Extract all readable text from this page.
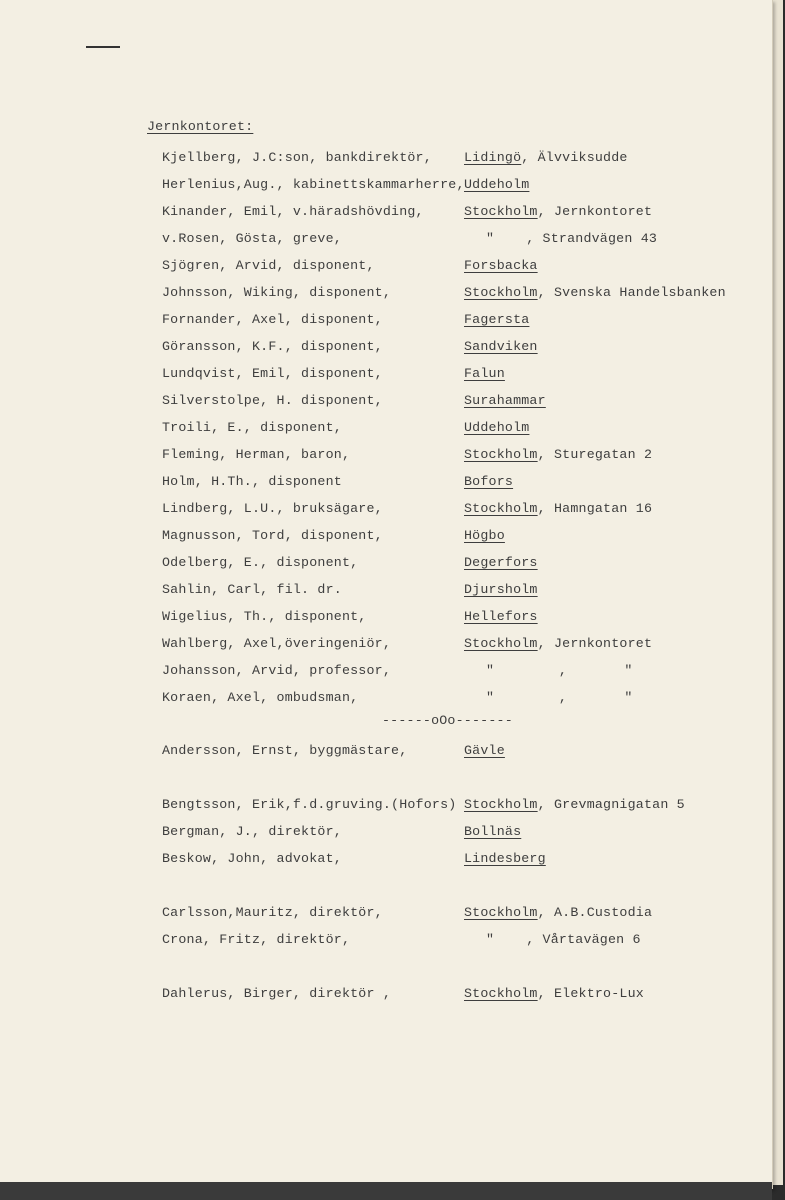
Jernkontoret:
Kjellberg, J.C:son, bankdirektör, Lidingö, Älvviksudde
Herlenius,Aug., kabinettskammarherre, Uddeholm
Kinander, Emil, v.häradshövding,	Stockholm, Jernkontoret
v.Rosen, Gösta, greve,	" , Strandvägen 43
Sjögren, Arvid, disponent,	Forsbacka
Johnsson, Wiking, disponent,	Stockholm, Svenska Handelsbanken
Fornander, Axel, disponent,	Fagersta
Göransson, K.F., disponent,	Sandviken
Lundqvist, Emil, disponent,	Falun
Silverstolpe, H. disponent,	Surahammar
Troili, E., disponent,	Uddeholm
Fleming, Herman, baron,	Stockholm, Sturegatan 2
Holm, H.Th., disponent	Bofors
Lindberg, L.U., bruksägare,	Stockholm, Hamngatan 16
Magnusson, Tord, disponent,	Högbo
Odelberg, E., disponent,	Degerfors
Sahlin, Carl, fil. dr.	Djursholm
Wigelius, Th., disponent,	Hellefors
Wahlberg, Axel,överingeniör,	Stockholm, Jernkontoret
Johansson, Arvid, professor,	"    ,       "
Koraen, Axel, ombudsman,	"    ,       "
Andersson, Ernst, byggmästare,	Gävle
Bengtsson, Erik,f.d.gruving.(Hofors) Stockholm, Grevmagnigatan 5
Bergman, J., direktör,	Bollnäs
Beskow, John, advokat,	Lindesberg
Carlsson,Mauritz, direktör,	Stockholm, A.B.Custodia
Crona, Fritz, direktör,	" , Vårtavägen 6
Dahlerus, Birger, direktör ,	Stockholm, Elektro-Lux
------oOo-------
